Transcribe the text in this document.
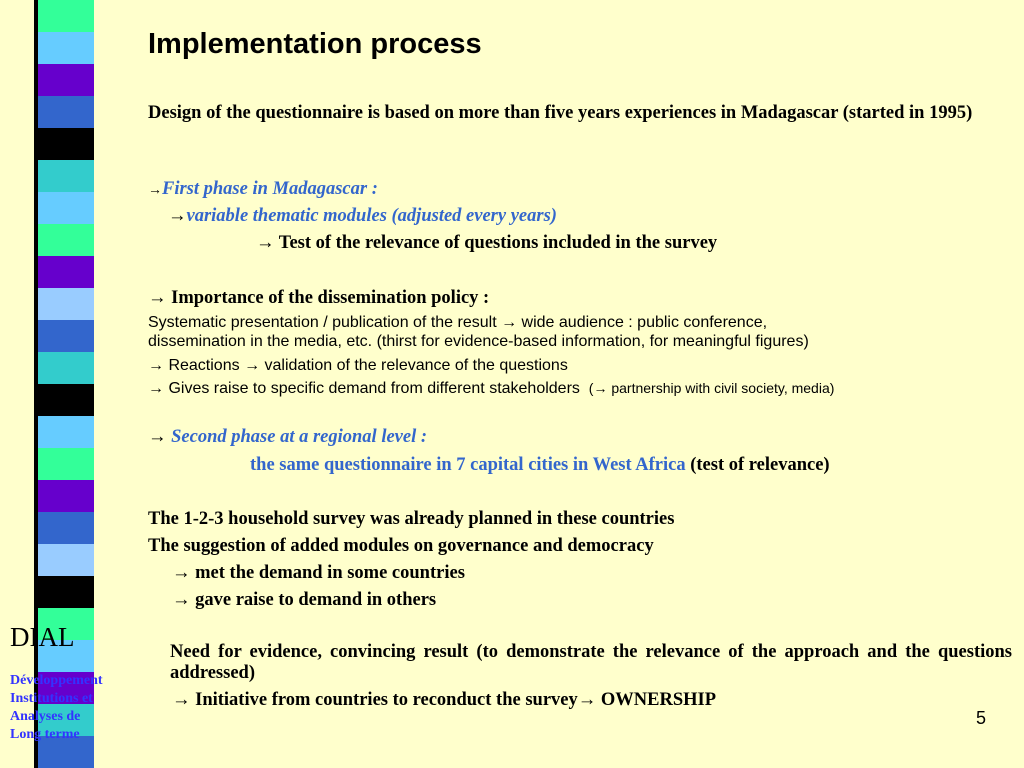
DIAL
Développement
Institutions et
Analyses de
Long terme
Implementation process
Design of the questionnaire is based on more than five years experiences in Madagascar (started in 1995)
→First phase in Madagascar :
→variable thematic modules (adjusted every years)
→ Test of the relevance of questions included in the survey
→ Importance of the dissemination policy :
Systematic presentation / publication of the result → wide audience : public conference,
dissemination in the media, etc. (thirst for evidence-based information, for meaningful figures)
→ Reactions → validation of the relevance of the questions
→ Gives raise to specific demand from different stakeholders (→ partnership with civil society, media)
→ Second phase at a regional level :
the same questionnaire in 7 capital cities in West Africa (test of relevance)
The 1-2-3 household survey was already planned in these countries
The suggestion of added modules on governance and democracy
→ met the demand in some countries
→ gave raise to demand in others
Need for evidence, convincing result (to demonstrate the relevance of the approach and the questions addressed)
→ Initiative from countries to reconduct the survey→ OWNERSHIP
5
